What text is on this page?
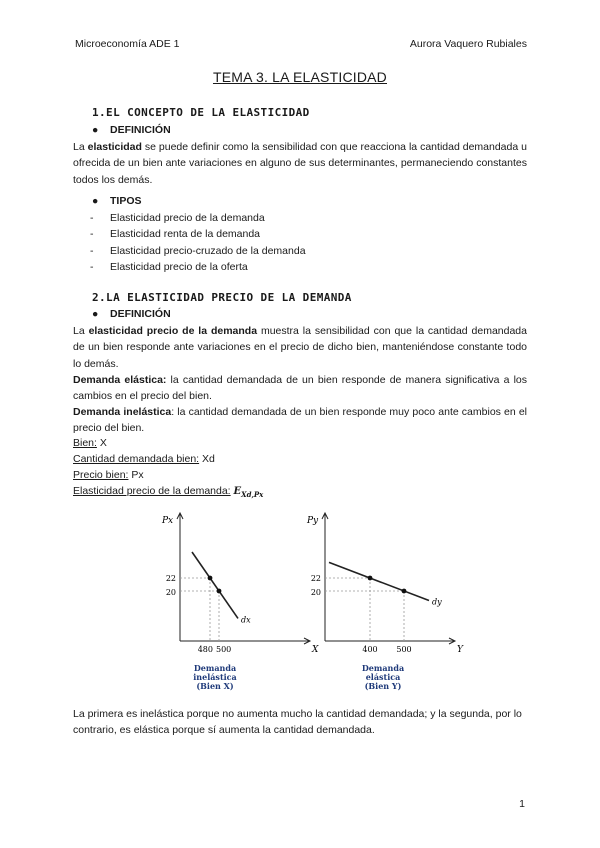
Microeconomía ADE 1	Aurora Vaquero Rubiales
TEMA 3. LA ELASTICIDAD
1.EL CONCEPTO DE LA ELASTICIDAD
● DEFINICIÓN
La elasticidad se puede definir como la sensibilidad con que reacciona la cantidad demandada u ofrecida de un bien ante variaciones en alguno de sus determinantes, permaneciendo constantes todos los demás.
● TIPOS
- Elasticidad precio de la demanda
- Elasticidad renta de la demanda
- Elasticidad precio-cruzado de la demanda
- Elasticidad precio de la oferta
2.LA ELASTICIDAD PRECIO DE LA DEMANDA
● DEFINICIÓN
La elasticidad precio de la demanda muestra la sensibilidad con que la cantidad demandada de un bien responde ante variaciones en el precio de dicho bien, manteniéndose constante todo lo demás.
Demanda elástica: la cantidad demandada de un bien responde de manera significativa a los cambios en el precio del bien.
Demanda inelástica: la cantidad demandada de un bien responde muy poco ante cambios en el precio del bien.
Bien: X
Cantidad demandada bien: Xd
Precio bien: Px
Elasticidad precio de la demanda: $E_{Xd,Px}$
Px
X
dx
22
20
480 500
Demanda
inelástica
(Bien X)
Py
Y
dy
22
20
400 500
Demanda
elástica
(Bien Y)
La primera es inelástica porque no aumenta mucho la cantidad demandada; y la segunda, por lo contrario, es elástica porque sí aumenta la cantidad demandada.
1
